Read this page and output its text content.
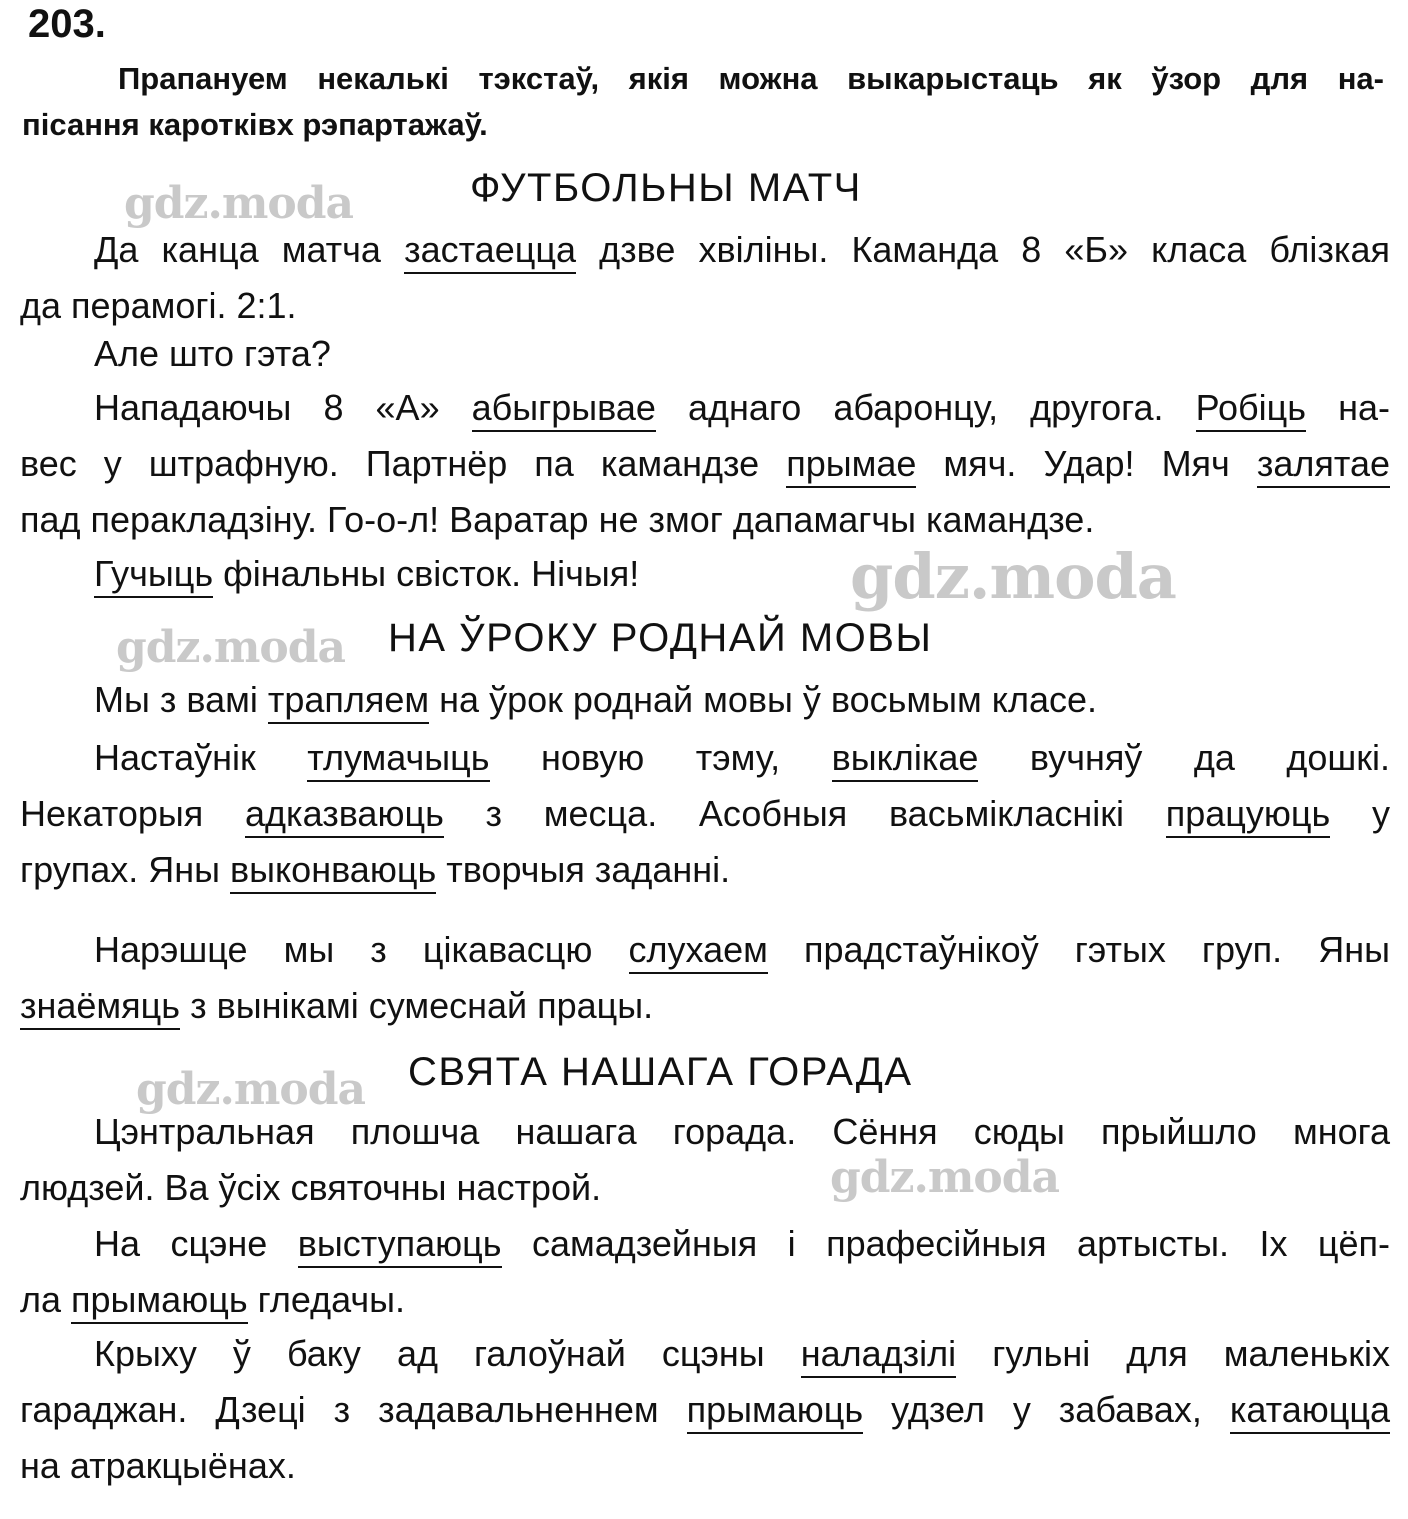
203.
Прапануем некалькі тэкстаў, якія можна выкарыстаць як ўзор для на-
пісання каротківх рэпартажаў.
gdz.moda
gdz.moda
gdz.moda
gdz.moda
gdz.moda
ФУТБОЛЬНЫ МАТЧ
Да канца матча застаецца дзве хвіліны. Каманда 8 «Б» класа блізкая
да перамогі. 2:1.
Але што гэта?
Нападаючы 8 «А» абыгрывае аднаго абаронцу, другога. Робіць на-
вес у штрафную. Партнёр па камандзе прымае мяч. Удар! Мяч залятае
пад перакладзіну. Го-о-л! Варатар не змог дапамагчы камандзе.
Гучыць фінальны свісток. Нічыя!
НА ЎРОКУ РОДНАЙ МОВЫ
Мы з вамі трапляем на ўрок роднай мовы ў восьмым класе.
Настаўнік тлумачыць новую тэму, выклікае вучняў да дошкі.
Некаторыя адказваюць з месца. Асобныя васьмікласнікі працуюць у
групах. Яны выконваюць творчыя заданні.
Нарэшце мы з цікавасцю слухаем прадстаўнікоў гэтых груп. Яны
знаёмяць з вынікамі сумеснай працы.
СВЯТА НАШАГА ГОРАДА
Цэнтральная плошча нашага горада. Сёння сюды прыйшло многа
людзей. Ва ўсіх святочны настрой.
На сцэне выступаюць самадзейныя і прафесійныя артысты. Іх цёп-
ла прымаюць гледачы.
Крыху ў баку ад галоўнай сцэны наладзілі гульні для маленькіх
гараджан. Дзеці з задавальненнем прымаюць удзел у забавах, катаюцца
на атракцыёнах.
